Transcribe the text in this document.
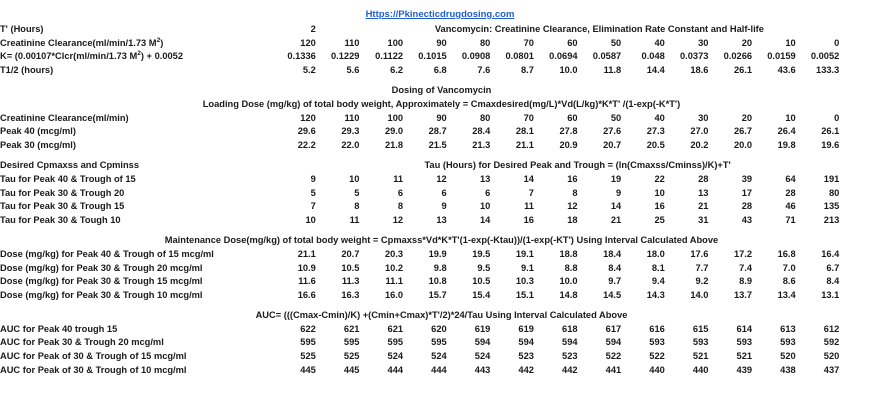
Https://Pkinecticdrugdosing.com
T' (Hours)	2	Vancomycin: Creatinine Clearance, Elimination Rate Constant and Half-life											
Creatinine Clearance(ml/min/1.73 $M^2$)	120	110	100	90	80	70	60	50	40	30	20	10	0
K= (0.00107*Clcr(ml/min/1.73 $M^2) + 0.0052$	0.1336	0.1229	0.1122	0.1015	0.0908	0.0801	0.0694	0.0587	0.048	0.0373	0.0266	0.0159	0.0052
T1/2 (hours)	5.2	5.6	6.2	6.8	7.6	8.7	10.0	11.8	14.4	18.6	26.1	43.6	133.3

Dosing of Vancomycin													
Loading Dose (mg/kg) of total body weight, Approximately = Cmaxdesired(mg/L)*Vd(L/kg)*K*T' /(1-exp(-K*T')													
Creatinine Clearance(ml/min)	120	110	100	90	80	70	60	50	40	30	20	10	0
Peak 40 (mcg/ml)	29.6	29.3	29.0	28.7	28.4	28.1	27.8	27.6	27.3	27.0	26.7	26.4	26.1
Peak 30 (mcg/ml)	22.2	22.0	21.8	21.5	21.3	21.1	20.9	20.7	20.5	20.2	20.0	19.8	19.6

Desired Cpmaxss and Cpminss	Tau (Hours) for Desired Peak and Trough = (ln(Cmaxss/Cminss)/K)+T'												
Tau for Peak 40 & Trough of 15	9	10	11	12	13	14	16	19	22	28	39	64	191
Tau for Peak 30 & Trough 20	5	5	6	6	6	7	8	9	10	13	17	28	80
Tau for Peak 30 & Trough 15	7	8	8	9	10	11	12	14	16	21	28	46	135
Tau for Peak 30 & Tough 10	10	11	12	13	14	16	18	21	25	31	43	71	213

Maintenance Dose(mg/kg) of total body weight = Cpmaxss*Vd*K*T'(1-exp(-Ktau))/(1-exp(-KT') Using Interval Calculated Above													
Dose (mg/kg) for Peak 40 & Trough of 15 mcg/ml	21.1	20.7	20.3	19.9	19.5	19.1	18.8	18.4	18.0	17.6	17.2	16.8	16.4
Dose (mg/kg) for Peak 30 & Trough 20 mcg/ml	10.9	10.5	10.2	9.8	9.5	9.1	8.8	8.4	8.1	7.7	7.4	7.0	6.7
Dose (mg/kg) for Peak 30 & Trough 15 mcg/ml	11.6	11.3	11.1	10.8	10.5	10.3	10.0	9.7	9.4	9.2	8.9	8.6	8.4
Dose (mg/kg) for Peak 30 & Trough 10 mcg/ml	16.6	16.3	16.0	15.7	15.4	15.1	14.8	14.5	14.3	14.0	13.7	13.4	13.1

AUC= (((Cmax-Cmin)/K) +(Cmin+Cmax)*T'/2)*24/Tau Using Interval Calculated Above													
AUC for Peak 40 trough 15	622	621	621	620	619	619	618	617	616	615	614	613	612
AUC for Peak 30 & Trough 20 mcg/ml	595	595	595	595	594	594	594	594	593	593	593	593	592
AUC for Peak of 30 & Trough of 15 mcg/ml	525	525	524	524	524	523	523	522	522	521	521	520	520
AUC for Peak of 30 & Trough of 10 mcg/ml	445	445	444	444	443	442	442	441	440	440	439	438	437
